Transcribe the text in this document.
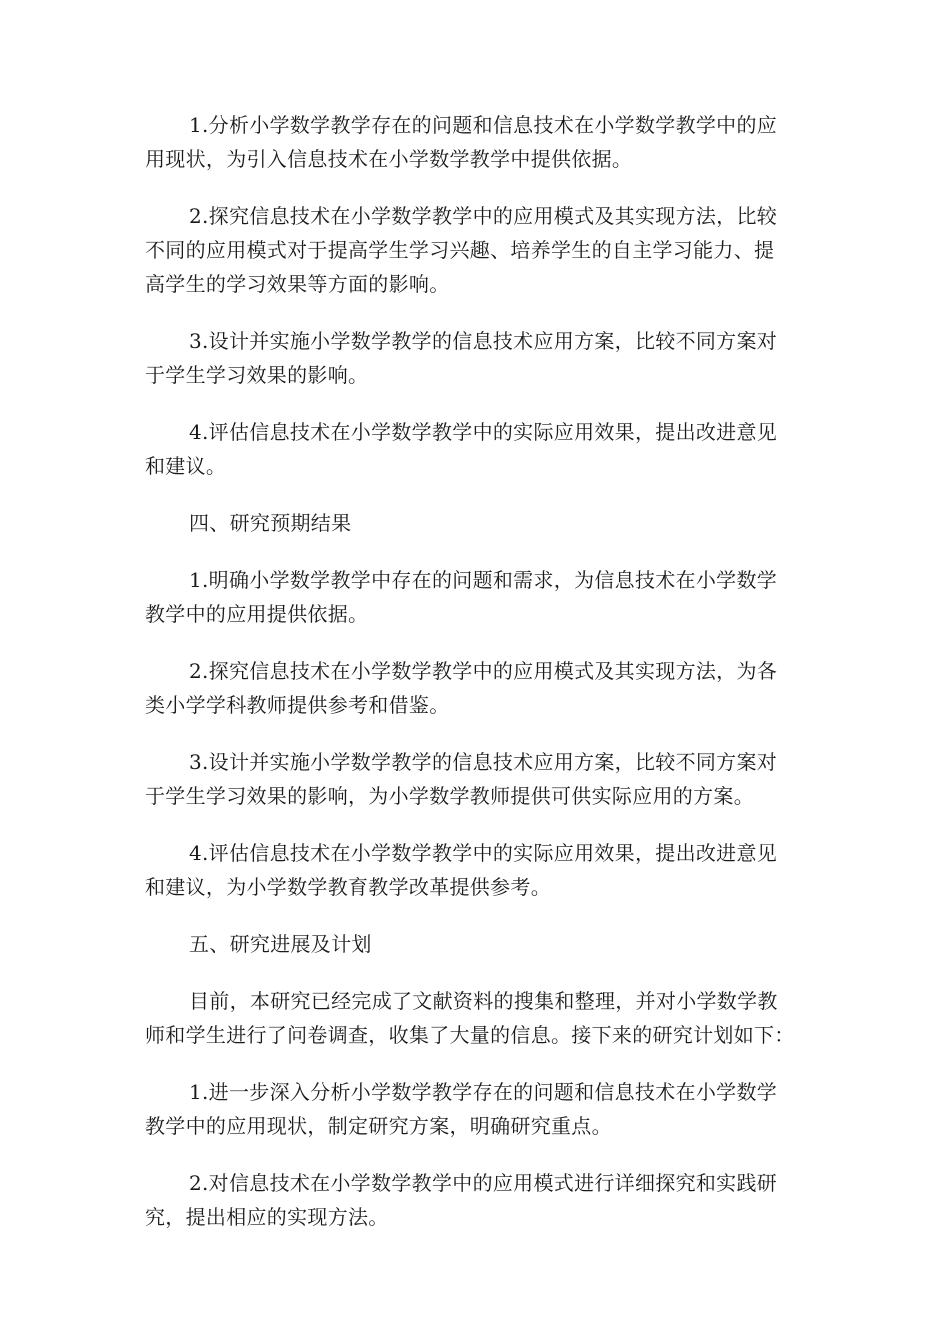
1.分析小学数学教学存在的问题和信息技术在小学数学教学中的应
用现状，为引入信息技术在小学数学教学中提供依据。

2.探究信息技术在小学数学教学中的应用模式及其实现方法，比较
不同的应用模式对于提高学生学习兴趣、培养学生的自主学习能力、提
高学生的学习效果等方面的影响。

3.设计并实施小学数学教学的信息技术应用方案，比较不同方案对
于学生学习效果的影响。

4.评估信息技术在小学数学教学中的实际应用效果，提出改进意见
和建议。

四、研究预期结果

1.明确小学数学教学中存在的问题和需求，为信息技术在小学数学
教学中的应用提供依据。

2.探究信息技术在小学数学教学中的应用模式及其实现方法，为各
类小学学科教师提供参考和借鉴。

3.设计并实施小学数学教学的信息技术应用方案，比较不同方案对
于学生学习效果的影响，为小学数学教师提供可供实际应用的方案。

4.评估信息技术在小学数学教学中的实际应用效果，提出改进意见
和建议，为小学数学教育教学改革提供参考。

五、研究进展及计划

目前，本研究已经完成了文献资料的搜集和整理，并对小学数学教
师和学生进行了问卷调查，收集了大量的信息。接下来的研究计划如下：

1.进一步深入分析小学数学教学存在的问题和信息技术在小学数学
教学中的应用现状，制定研究方案，明确研究重点。

2.对信息技术在小学数学教学中的应用模式进行详细探究和实践研
究，提出相应的实现方法。
